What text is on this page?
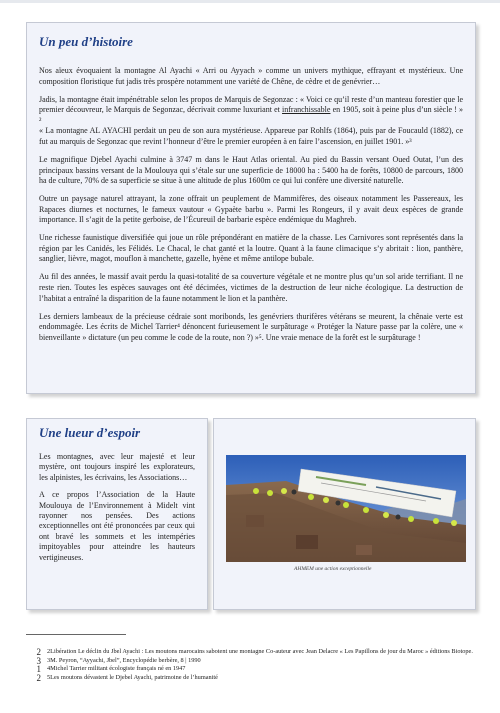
Un peu d’histoire

Nos aïeux évoquaient la montagne Al Ayachi « Arri ou Ayyach » comme un univers mythique, effrayant et mystérieux. Une composition floristique fut jadis très prospère notamment une variété de Chêne, de cèdre et de genévrier…

Jadis, la montagne était impénétrable selon les propos de Marquis de Segonzac : « Voici ce qu’il reste d’un manteau forestier que le premier découvreur, le Marquis de Segonzac, décrivait comme luxuriant et infranchissable en 1905, soit à peine plus d’un siècle ! » ²
« La montagne AL AYACHI perdait un peu de son aura mystérieuse. Appareue par Rohlfs (1864), puis par de Foucauld (1882), ce fut au marquis de Segonzac que revint l’honneur d’être le premier européen à en faire l’ascension, en juillet 1901. »³

Le magnifique Djebel Ayachi culmine à 3747 m dans le Haut Atlas oriental. Au pied du Bassin versant Oued Outat, l’un des principaux bassins versant de la Moulouya qui s’étale sur une superficie de 18000 ha : 5400 ha de forêts, 10800 de parcours, 1800 ha de culture, 70% de sa superficie se situe à une altitude de plus 1600m ce qui lui confère une diversité naturelle.

Outre un paysage naturel attrayant, la zone offrait un peuplement de Mammifères, des oiseaux notamment les Passereaux, les Rapaces diurnes et nocturnes, le fameux vautour « Gypaète barbu ». Parmi les Rongeurs, il y avait deux espèces de grande importance. Il s’agit de la petite gerboise, de l’Écureuil de barbarie espèce endémique du Maghreb.

Une richesse faunistique diversifiée qui joue un rôle prépondérant en matière de la chasse. Les Carnivores sont représentés dans la région par les Canidés, les Félidés. Le Chacal, le chat ganté et la loutre. Quant à la faune climacique s’y abritait : lion, panthère, sanglier, lièvre, magot, mouflon à manchette, gazelle, hyène et même antilope bubale.

Au fil des années, le massif avait perdu la quasi-totalité de sa couverture végétale et ne montre plus qu’un sol aride terrifiant. Il ne reste rien. Toutes les espèces sauvages ont été décimées, victimes de la destruction de leur niche écologique. La destruction de l’habitat a entraîné la disparition de la faune notamment le lion et la panthère.

Les derniers lambeaux de la précieuse cédraie sont moribonds, les genévriers thurifères vétérans se meurent, la chênaie verte est endommagée. Les écrits de Michel Tarrier⁴ dénoncent furieusement le surpâturage « Protéger la Nature passe par la colère, une « bienveillante » dictature (un peu comme le code de la route, non ?) »⁵. Une vraie menace de la forêt est le surpâturage !

Une lueur d’espoir

Les montagnes, avec leur majesté et leur mystère, ont toujours inspiré les explorateurs, les alpinistes, les écrivains, les Associations…

A ce propos l’Association de la Haute Moulouya de l’Environnement à Midelt vint rayonner nos pensées. Des actions exceptionnelles ont été prononcées par ceux qui ont bravé les sommets et les intempéries impitoyables pour atteindre les hauteurs vertigineuses.

AHMEM une action exceptionnelle
2 2Libération Le déclin du Jbel Ayachi : Les moutons marocains sabotent une montagne Co-auteur avec Jean Delacre « Les Papillons de jour du Maroc » éditions Biotope.
3 3M. Peyron, “Ayyachi, Jbel”, Encyclopédie berbère, 8 | 1990
1 4Michel Tarrier militant écologiste français né en 1947
2 5Les moutons dévastent le Djebel Ayachi, patrimoine de l’humanité
